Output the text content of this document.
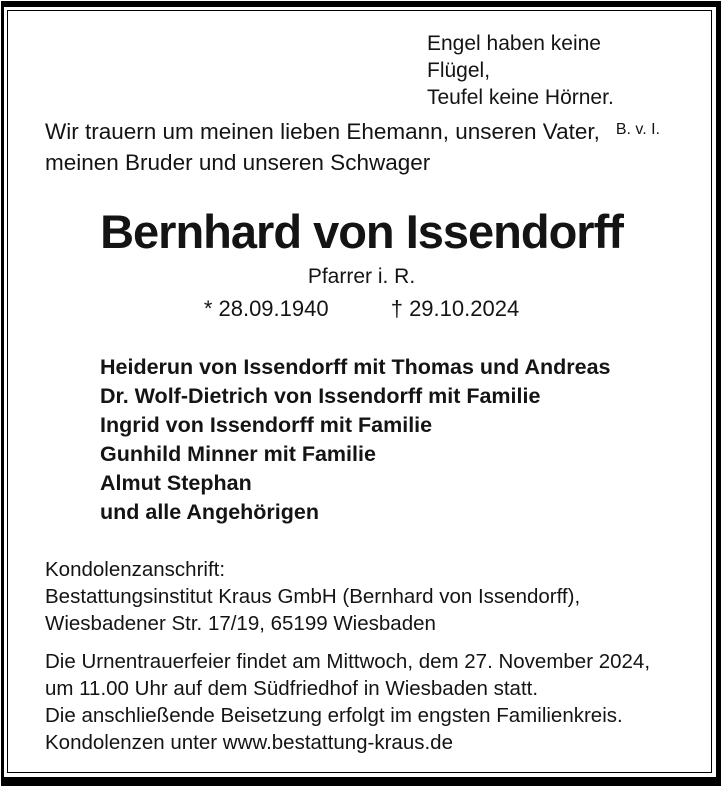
Engel haben keine Flügel,
Teufel keine Hörner.
B. v. I.
Wir trauern um meinen lieben Ehemann, unseren Vater,
meinen Bruder und unseren Schwager
Bernhard von Issendorff
Pfarrer i. R.
* 28.09.1940	† 29.10.2024
Heiderun von Issendorff mit Thomas und Andreas
Dr. Wolf-Dietrich von Issendorff mit Familie
Ingrid von Issendorff mit Familie
Gunhild Minner mit Familie
Almut Stephan
und alle Angehörigen
Kondolenzanschrift:
Bestattungsinstitut Kraus GmbH (Bernhard von Issendorff),
Wiesbadener Str. 17/19, 65199 Wiesbaden
Die Urnentrauerfeier findet am Mittwoch, dem 27. November 2024,
um 11.00 Uhr auf dem Südfriedhof in Wiesbaden statt.
Die anschließende Beisetzung erfolgt im engsten Familienkreis.
Kondolenzen unter www.bestattung-kraus.de
